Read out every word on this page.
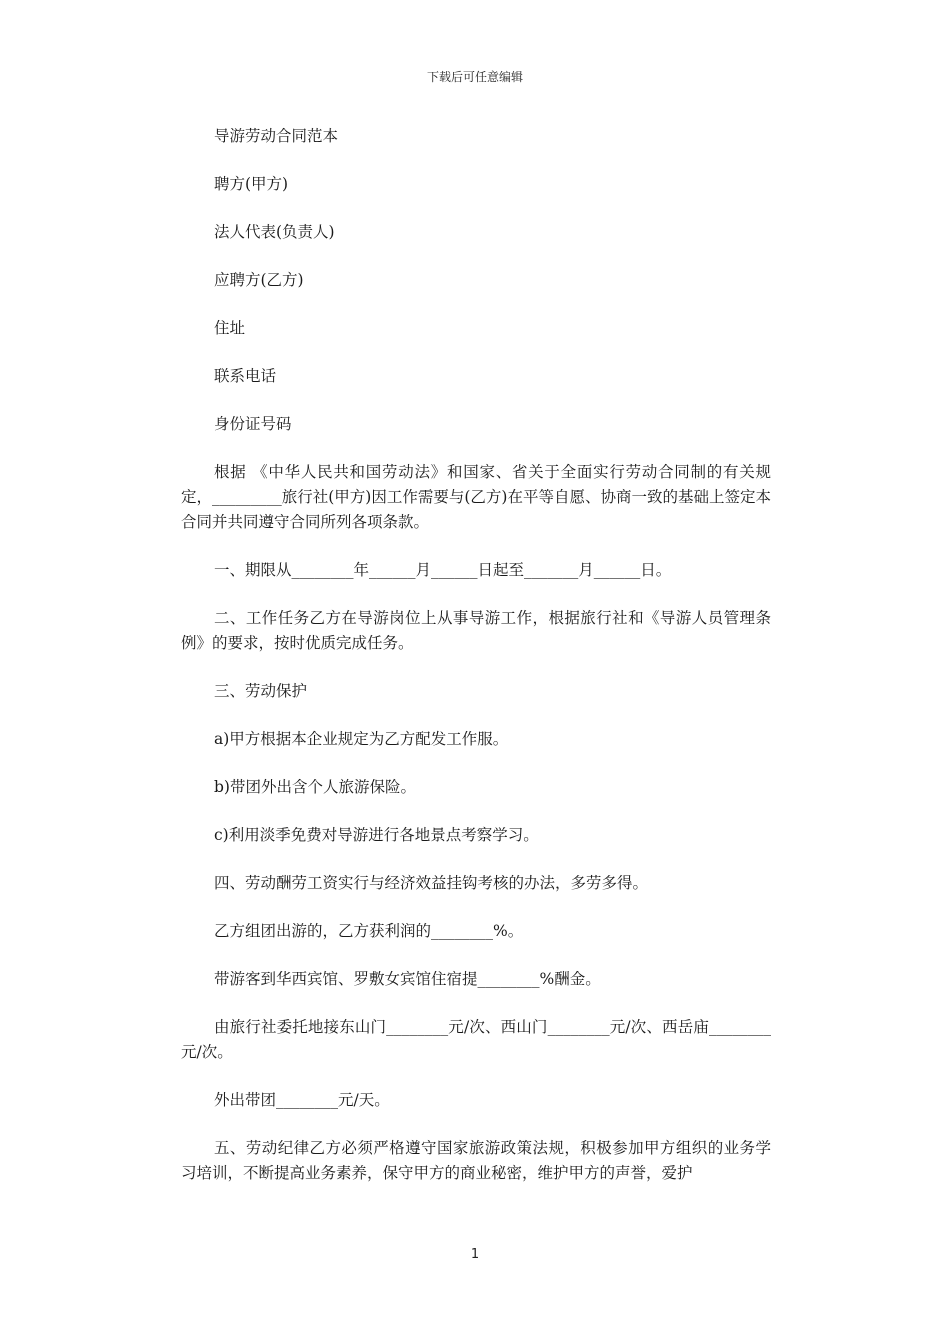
下载后可任意编辑

导游劳动合同范本

聘方(甲方)

法人代表(负责人)

应聘方(乙方)

住址

联系电话

身份证号码

根据 《中华人民共和国劳动法》和国家、省关于全面实行劳动合同制的有关规定，_________旅行社(甲方)因工作需要与(乙方)在平等自愿、协商一致的基础上签定本合同并共同遵守合同所列各项条款。

一、期限从________年______月______日起至_______月______日。

二、工作任务乙方在导游岗位上从事导游工作，根据旅行社和《导游人员管理条例》的要求，按时优质完成任务。

三、劳动保护

a)甲方根据本企业规定为乙方配发工作服。

b)带团外出含个人旅游保险。

c)利用淡季免费对导游进行各地景点考察学习。

四、劳动酬劳工资实行与经济效益挂钩考核的办法，多劳多得。

乙方组团出游的，乙方获利润的________%。

带游客到华西宾馆、罗敷女宾馆住宿提________%酬金。

由旅行社委托地接东山门________元/次、西山门________元/次、西岳庙________元/次。

外出带团________元/天。

五、劳动纪律乙方必须严格遵守国家旅游政策法规，积极参加甲方组织的业务学习培训，不断提高业务素养，保守甲方的商业秘密，维护甲方的声誉，爱护

1
